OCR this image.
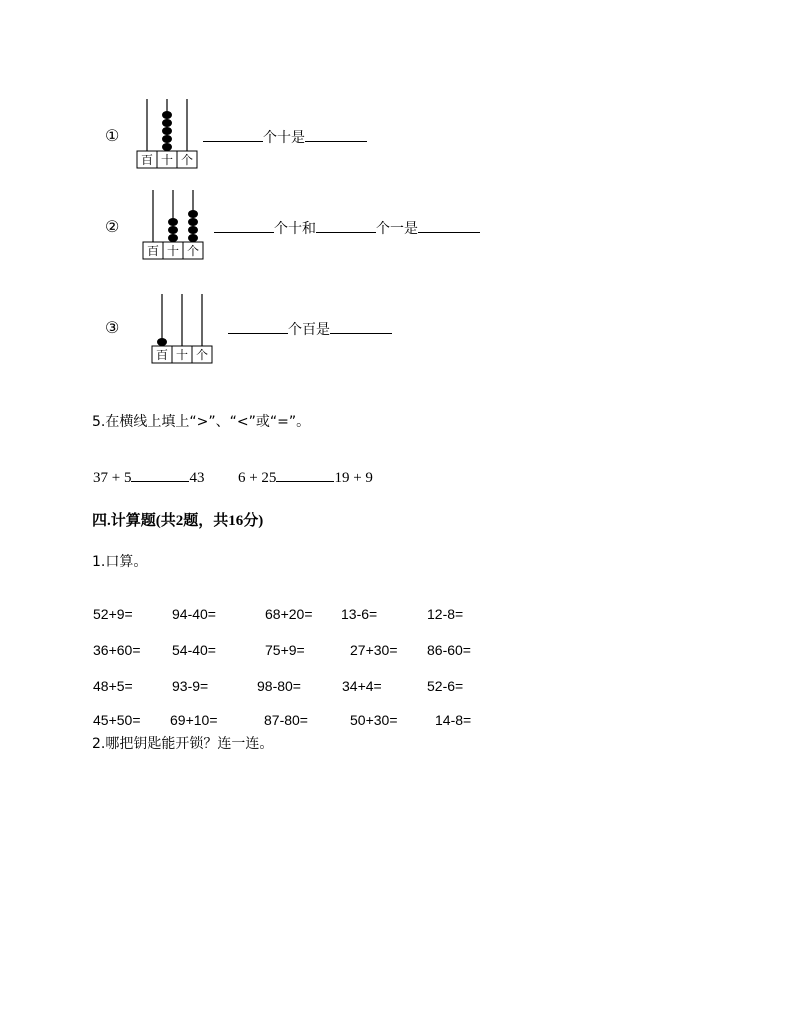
①
百 十 个
个十是
②
百 十 个
个十和	个一是
③
百 十 个
个百是
5.在横线上填上“>”、“<”或“=”。
37 + 5	43 6 + 25	19 + 9
四.计算题(共2题，共16分)
1.口算。
52+9=	94-40=	68+20= 13-6=	12-8=
36+60= 54-40=	75+9=	27+30= 86-60=
48+5=	93-9=	98-80=	34+4=	52-6=
45+50= 69+10=	87-80=	50+30=	14-8=
2.哪把钥匙能开锁？连一连。
